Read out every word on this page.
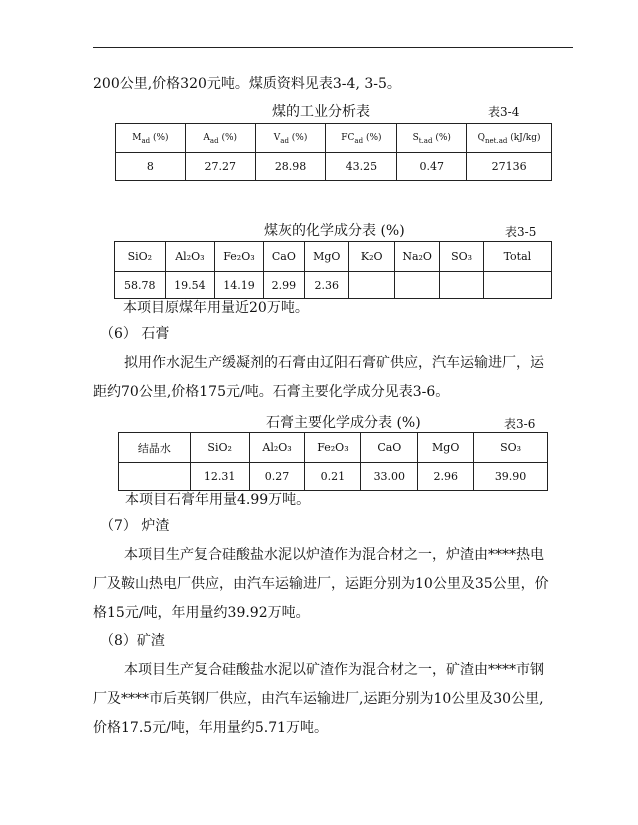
200公里,价格320元吨。煤质资料见表3-4, 3-5。
煤的工业分析表	表3-4
$M_{ad}$ (%)	$A_{ad}$ (%)	$V_{ad}$ (%)	$FC_{ad}$ (%)	$S_{t.ad}$ (%)	$Q_{net.ad}$ (kJ/kg)
8	27.27	28.98	43.25	0.47	27136
煤灰的化学成分表 (%)	表3-5
SiO₂	Al₂O₃	Fe₂O₃	CaO	MgO	K₂O	Na₂O	SO₃	Total
58.78	19.54	14.19	2.99	2.36				
本项目原煤年用量近20万吨。
（6） 石膏
拟用作水泥生产缓凝剂的石膏由辽阳石膏矿供应，汽车运输进厂，运
距约70公里,价格175元/吨。石膏主要化学成分见表3-6。
石膏主要化学成分表 (%)	表3-6
结晶水	SiO₂	Al₂O₃	Fe₂O₃	CaO	MgO	SO₃
	12.31	0.27	0.21	33.00	2.96	39.90
本项目石膏年用量4.99万吨。
（7） 炉渣
本项目生产复合硅酸盐水泥以炉渣作为混合材之一，炉渣由****热电
厂及鞍山热电厂供应，由汽车运输进厂，运距分别为10公里及35公里，价
格15元/吨，年用量约39.92万吨。
（8）矿渣
本项目生产复合硅酸盐水泥以矿渣作为混合材之一，矿渣由****市钢
厂及****市后英钢厂供应，由汽车运输进厂,运距分别为10公里及30公里,
价格17.5元/吨，年用量约5.71万吨。
